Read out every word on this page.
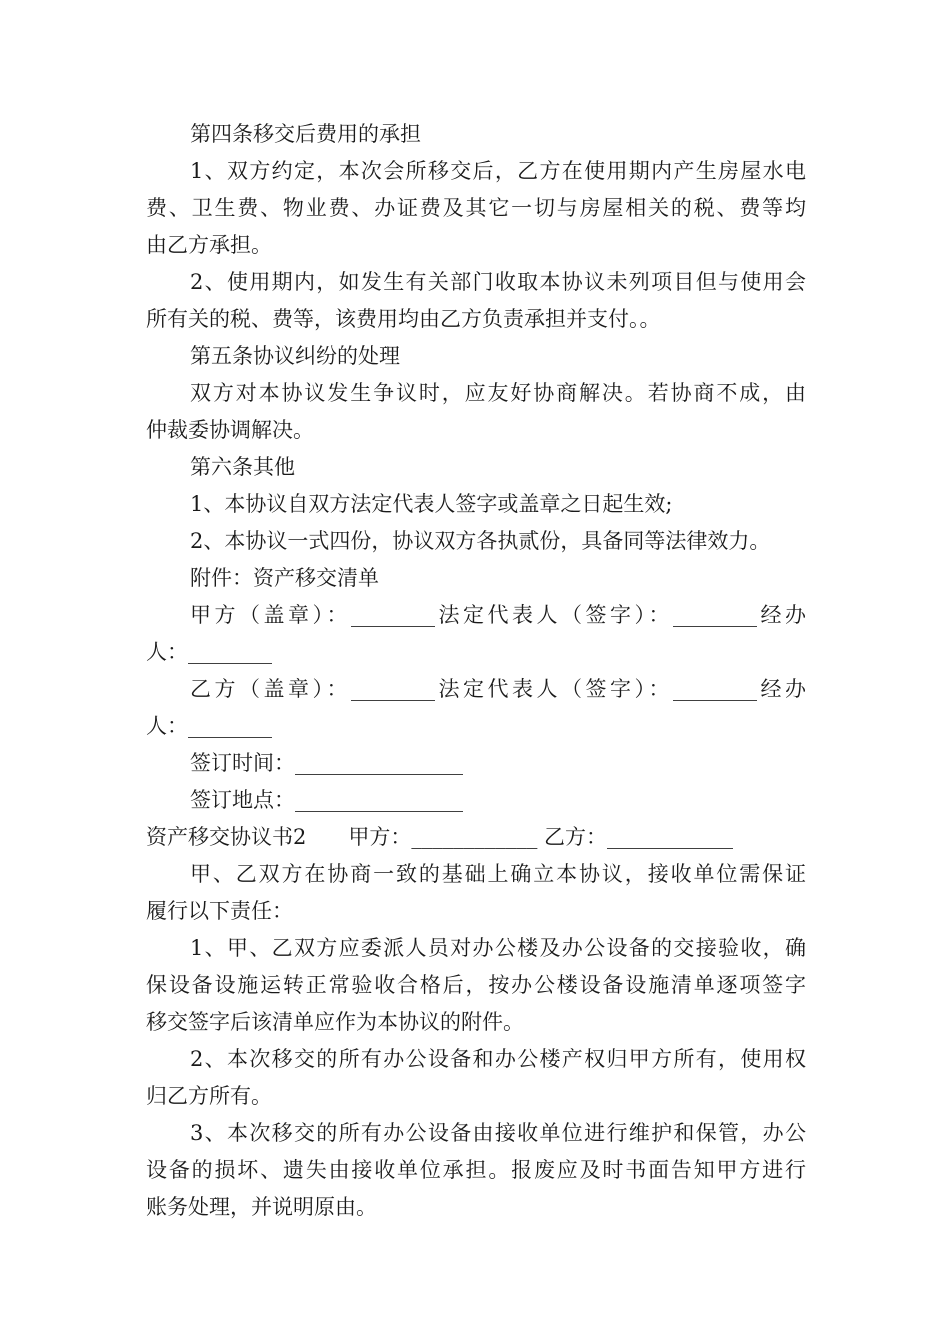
第四条移交后费用的承担
1、双方约定，本次会所移交后，乙方在使用期内产生房屋水电
费、卫生费、物业费、办证费及其它一切与房屋相关的税、费等均
由乙方承担。
2、使用期内，如发生有关部门收取本协议未列项目但与使用会
所有关的税、费等，该费用均由乙方负责承担并支付。。
第五条协议纠纷的处理
双方对本协议发生争议时，应友好协商解决。若协商不成，由
仲裁委协调解决。
第六条其他
1、本协议自双方法定代表人签字或盖章之日起生效;
2、本协议一式四份，协议双方各执贰份，具备同等法律效力。
附件：资产移交清单
甲方（盖章）：________法定代表人（签字）：________经办
人：________
乙方（盖章）：________法定代表人（签字）：________经办
人：________
签订时间：________________
签订地点：________________
资产移交协议书2　　甲方：____________ 乙方：____________
甲、乙双方在协商一致的基础上确立本协议，接收单位需保证
履行以下责任：
1、甲、乙双方应委派人员对办公楼及办公设备的交接验收，确
保设备设施运转正常验收合格后，按办公楼设备设施清单逐项签字
移交签字后该清单应作为本协议的附件。
2、本次移交的所有办公设备和办公楼产权归甲方所有，使用权
归乙方所有。
3、本次移交的所有办公设备由接收单位进行维护和保管，办公
设备的损坏、遗失由接收单位承担。报废应及时书面告知甲方进行
账务处理，并说明原由。
